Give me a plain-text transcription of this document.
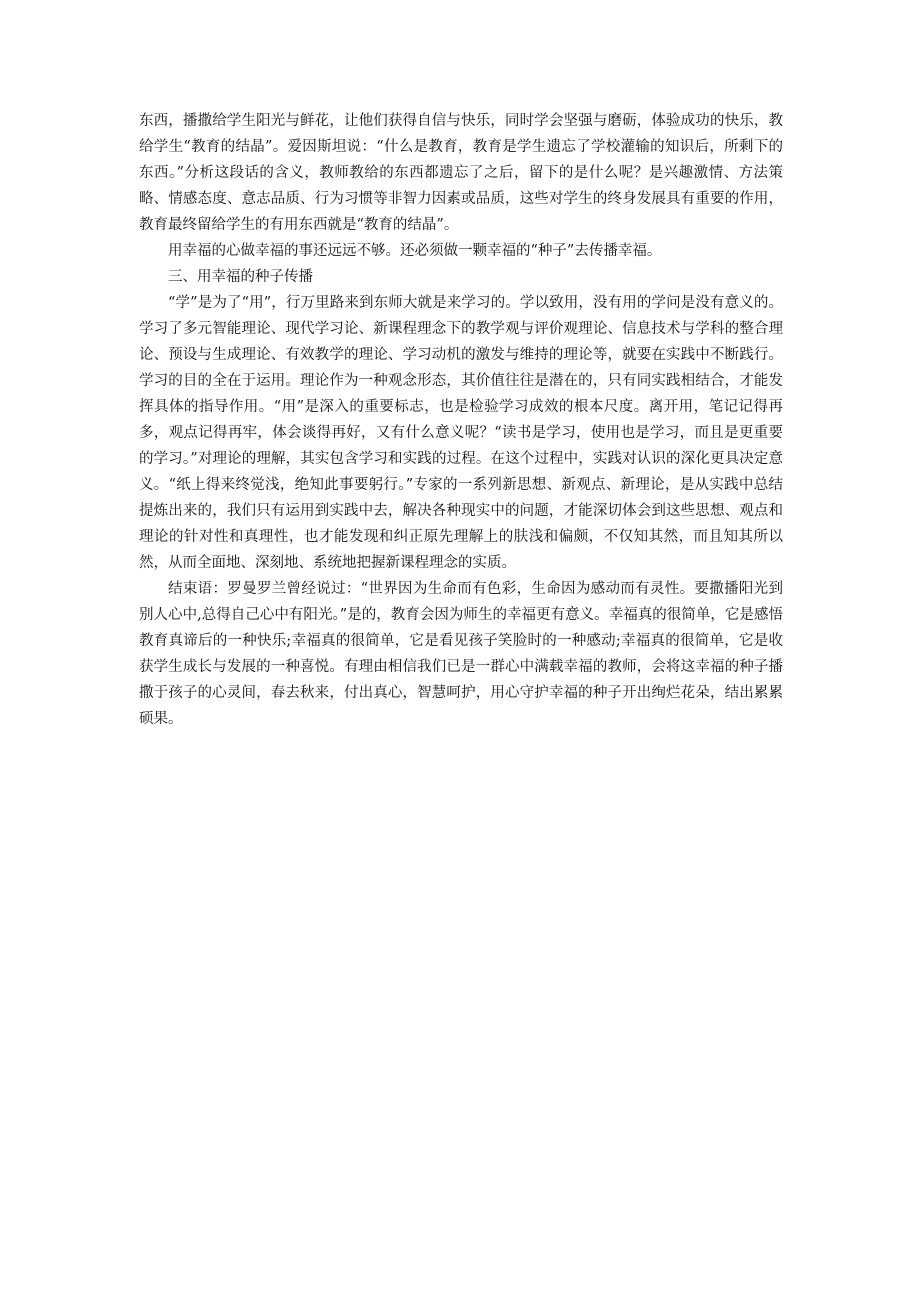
东西，播撒给学生阳光与鲜花，让他们获得自信与快乐，同时学会坚强与磨砺，体验成功的快乐，教给学生“教育的结晶”。爱因斯坦说：“什么是教育，教育是学生遗忘了学校灌输的知识后，所剩下的东西。”分析这段话的含义，教师教给的东西都遗忘了之后，留下的是什么呢？是兴趣激情、方法策略、情感态度、意志品质、行为习惯等非智力因素或品质，这些对学生的终身发展具有重要的作用，教育最终留给学生的有用东西就是“教育的结晶”。

用幸福的心做幸福的事还远远不够。还必须做一颗幸福的“种子”去传播幸福。

三、用幸福的种子传播

“学”是为了“用”，行万里路来到东师大就是来学习的。学以致用，没有用的学问是没有意义的。学习了多元智能理论、现代学习论、新课程理念下的教学观与评价观理论、信息技术与学科的整合理论、预设与生成理论、有效教学的理论、学习动机的激发与维持的理论等，就要在实践中不断践行。学习的目的全在于运用。理论作为一种观念形态，其价值往往是潜在的，只有同实践相结合，才能发挥具体的指导作用。“用”是深入的重要标志，也是检验学习成效的根本尺度。离开用，笔记记得再多，观点记得再牢，体会谈得再好，又有什么意义呢？“读书是学习，使用也是学习，而且是更重要的学习。”对理论的理解，其实包含学习和实践的过程。在这个过程中，实践对认识的深化更具决定意义。“纸上得来终觉浅，绝知此事要躬行。”专家的一系列新思想、新观点、新理论，是从实践中总结提炼出来的，我们只有运用到实践中去，解决各种现实中的问题，才能深切体会到这些思想、观点和理论的针对性和真理性，也才能发现和纠正原先理解上的肤浅和偏颇，不仅知其然，而且知其所以然，从而全面地、深刻地、系统地把握新课程理念的实质。

结束语：罗曼罗兰曾经说过：“世界因为生命而有色彩，生命因为感动而有灵性。要撒播阳光到别人心中,总得自己心中有阳光。”是的，教育会因为师生的幸福更有意义。幸福真的很简单，它是感悟教育真谛后的一种快乐;幸福真的很简单，它是看见孩子笑脸时的一种感动;幸福真的很简单，它是收获学生成长与发展的一种喜悦。有理由相信我们已是一群心中满载幸福的教师，会将这幸福的种子播撒于孩子的心灵间，春去秋来，付出真心，智慧呵护，用心守护幸福的种子开出绚烂花朵，结出累累硕果。
